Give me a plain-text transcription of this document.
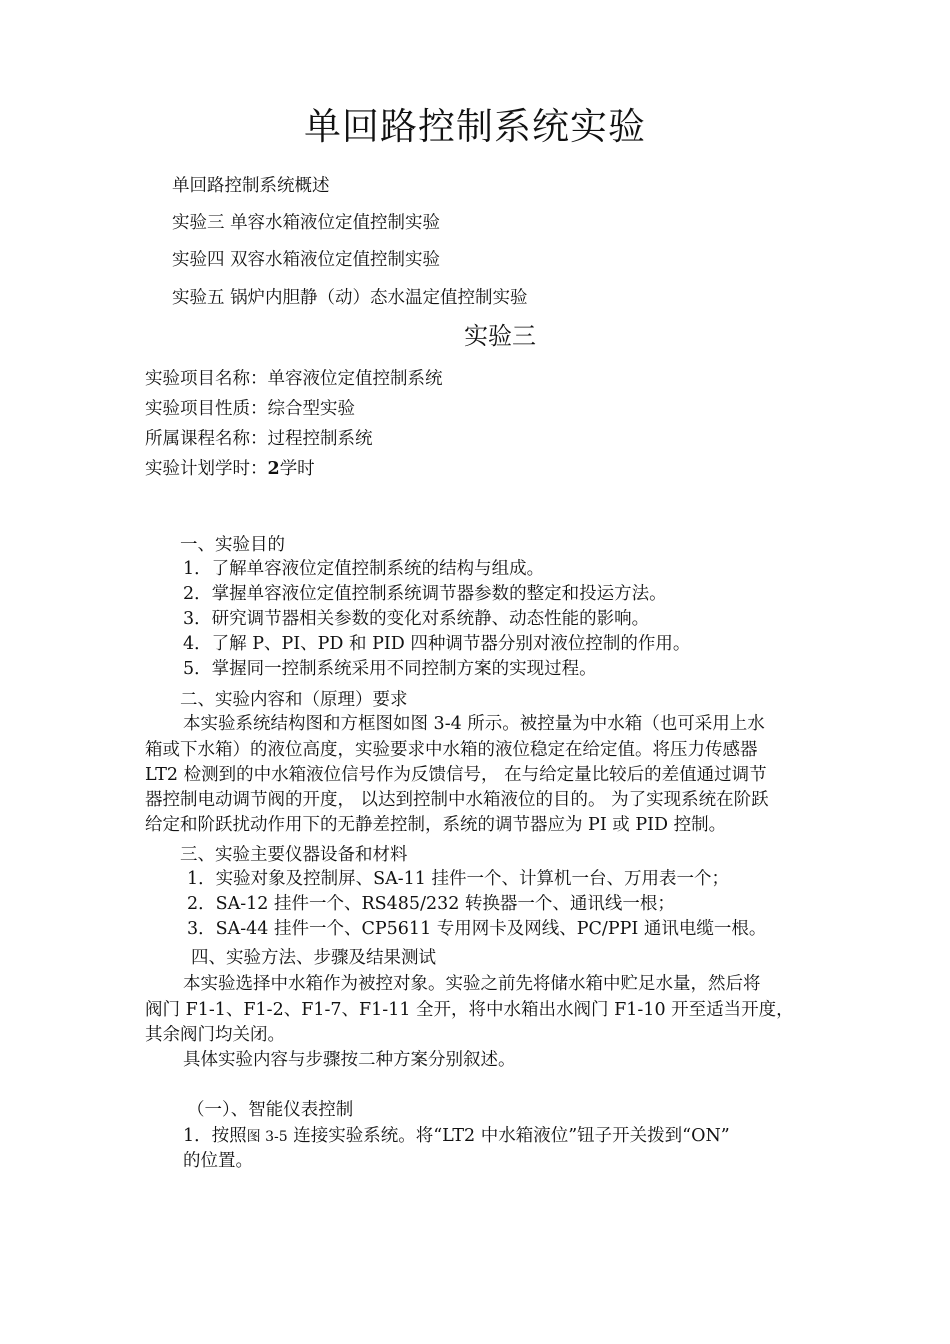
单回路控制系统实验
单回路控制系统概述
实验三 单容水箱液位定值控制实验
实验四 双容水箱液位定值控制实验
实验五 锅炉内胆静（动）态水温定值控制实验
实验三
实验项目名称：单容液位定值控制系统
实验项目性质：综合型实验
所属课程名称：过程控制系统
实验计划学时：2学时
一、实验目的
1．了解单容液位定值控制系统的结构与组成。
2．掌握单容液位定值控制系统调节器参数的整定和投运方法。
3．研究调节器相关参数的变化对系统静、动态性能的影响。
4．了解 P、PI、PD 和 PID 四种调节器分别对液位控制的作用。
5．掌握同一控制系统采用不同控制方案的实现过程。
二、实验内容和（原理）要求
本实验系统结构图和方框图如图 3-4 所示。被控量为中水箱（也可采用上水
箱或下水箱）的液位高度，实验要求中水箱的液位稳定在给定值。将压力传感器
LT2 检测到的中水箱液位信号作为反馈信号， 在与给定量比较后的差值通过调节
器控制电动调节阀的开度， 以达到控制中水箱液位的目的。 为了实现系统在阶跃
给定和阶跃扰动作用下的无静差控制，系统的调节器应为 PI 或 PID 控制。
三、实验主要仪器设备和材料
1．实验对象及控制屏、SA-11 挂件一个、计算机一台、万用表一个；
2．SA-12 挂件一个、RS485/232 转换器一个、通讯线一根；
3．SA-44 挂件一个、CP5611 专用网卡及网线、PC/PPI 通讯电缆一根。
四、实验方法、步骤及结果测试
本实验选择中水箱作为被控对象。实验之前先将储水箱中贮足水量，然后将
阀门 F1-1、F1-2、F1-7、F1-11 全开，将中水箱出水阀门 F1-10 开至适当开度，
其余阀门均关闭。
具体实验内容与步骤按二种方案分别叙述。
（一）、智能仪表控制
1．按照图 3-5 连接实验系统。将“LT2 中水箱液位”钮子开关拨到“ON”
的位置。
